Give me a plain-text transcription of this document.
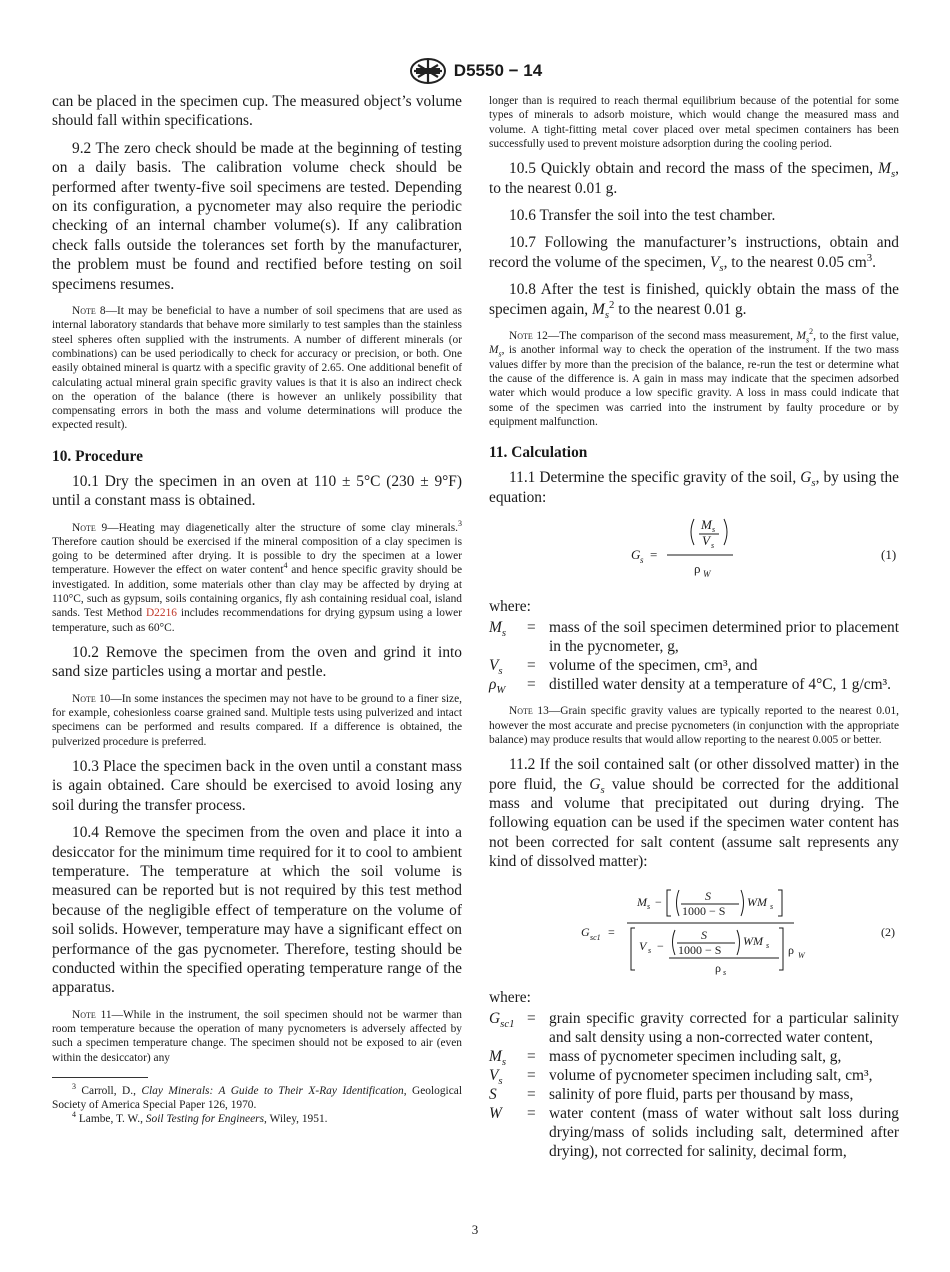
D5550 − 14

can be placed in the specimen cup. The measured object’s volume should fall within specifications.

9.2 The zero check should be made at the beginning of testing on a daily basis. The calibration volume check should be performed after twenty-five soil specimens are tested. Depending on its configuration, a pycnometer may also require the periodic checking of an internal chamber volume(s). If any calibration check falls outside the tolerances set forth by the manufacturer, the problem must be found and rectified before testing on soil specimens resumes.

Note 8—It may be beneficial to have a number of soil specimens that are used as internal laboratory standards that behave more similarly to test samples than the stainless steel spheres often supplied with the instruments. A number of different minerals (or combinations) can be used periodically to check for accuracy or precision, or both. One easily obtained mineral is quartz with a specific gravity of 2.65. One additional benefit of calculating actual mineral grain specific gravity values is that it is also an indirect check on the operation of the balance (there is however an unlikely possibility that compensating errors in both the mass and volume determinations will produce the expected result).

10. Procedure

10.1 Dry the specimen in an oven at 110 ± 5°C (230 ± 9°F) until a constant mass is obtained.

Note 9—Heating may diagenetically alter the structure of some clay minerals.$^3$ Therefore caution should be exercised if the mineral composition of a clay specimen is going to be determined after drying. It is possible to dry the specimen at a lower temperature. However the effect on water content$^4$ and hence specific gravity should be investigated. In addition, some materials other than clay may be affected by drying at 110°C, such as gypsum, soils containing organics, fly ash containing residual coal, island sands. Test Method D2216 includes recommendations for drying gypsum using a lower temperature, such as 60°C.

10.2 Remove the specimen from the oven and grind it into sand size particles using a mortar and pestle.

Note 10—In some instances the specimen may not have to be ground to a finer size, for example, cohesionless coarse grained sand. Multiple tests using pulverized and intact specimens can be performed and results compared. If a difference is obtained, the pulverized procedure is preferred.

10.3 Place the specimen back in the oven until a constant mass is again obtained. Care should be exercised to avoid losing any soil during the transfer process.

10.4 Remove the specimen from the oven and place it into a desiccator for the minimum time required for it to cool to ambient temperature. The temperature at which the soil volume is measured can be reported but is not required by this test method because of the negligible effect of temperature on the volume of soil solids. However, temperature may have a significant effect on performance of the gas pycnometer. Therefore, testing should be conducted within the specified operating temperature range of the apparatus.

Note 11—While in the instrument, the soil specimen should not be warmer than room temperature because the operation of many pycnometers is adversely affected by such a specimen temperature change. The specimen should not be exposed to air (even within the desiccator) any

$^3$ Carroll, D., Clay Minerals: A Guide to Their X-Ray Identification, Geological Society of America Special Paper 126, 1970.

$^4$ Lambe, T. W., Soil Testing for Engineers, Wiley, 1951.

longer than is required to reach thermal equilibrium because of the potential for some types of minerals to adsorb moisture, which would change the measured mass and volume. A tight-fitting metal cover placed over metal specimen containers has been successfully used to prevent moisture adsorption during the cooling period.

10.5 Quickly obtain and record the mass of the specimen, $M_s$, to the nearest 0.01 g.

10.6 Transfer the soil into the test chamber.

10.7 Following the manufacturer’s instructions, obtain and record the volume of the specimen, $V_s$, to the nearest 0.05 $cm^3$.

10.8 After the test is finished, quickly obtain the mass of the specimen again, $M_s^2$ to the nearest 0.01 g.

Note 12—The comparison of the second mass measurement, $M_s^2$, to the first value, $M_s$, is another informal way to check the operation of the instrument. If the two mass values differ by more than the precision of the balance, re-run the test or determine what the cause of the difference is. A gain in mass may indicate that the specimen adsorbed water which would produce a low specific gravity. A loss in mass could indicate that some of the specimen was carried into the instrument by faulty procedure or by equipment malfunction.

11. Calculation

11.1 Determine the specific gravity of the soil, $G_s$, by using the equation:

G s =
M s
V s
ρ W
(1)

where:

$M_s$	=	mass of the soil specimen determined prior to placement in the pycnometer, g,
$V_s$	=	volume of the specimen, cm³, and
$\rho_W$	=	distilled water density at a temperature of 4°C, 1 g/cm³.

Note 13—Grain specific gravity values are typically reported to the nearest 0.01, however the most accurate and precise pycnometers (in conjunction with the appropriate balance) may produce results that would allow reporting to the nearest 0.005 or better.

11.2 If the soil contained salt (or other dissolved matter) in the pore fluid, the $G_s$ value should be corrected for the additional mass and volume that precipitated out during drying. The following equation can be used if the specimen water content has not been corrected for salt content (assume salt represents any kind of dissolved matter):

G sc1 =
M s −	S
1000 − S
WM s
V s −
S
1000 − S
WM s
ρ s
ρ W
(2)

where:

$G_{sc1}$	=	grain specific gravity corrected for a particular salinity and salt density using a non-corrected water content,
$M_s$	=	mass of pycnometer specimen including salt, g,
$V_s$	=	volume of pycnometer specimen including salt, cm³,
S	=	salinity of pore fluid, parts per thousand by mass,
W	=	water content (mass of water without salt loss during drying/mass of solids including salt, determined after drying), not corrected for salinity, decimal form,
3
